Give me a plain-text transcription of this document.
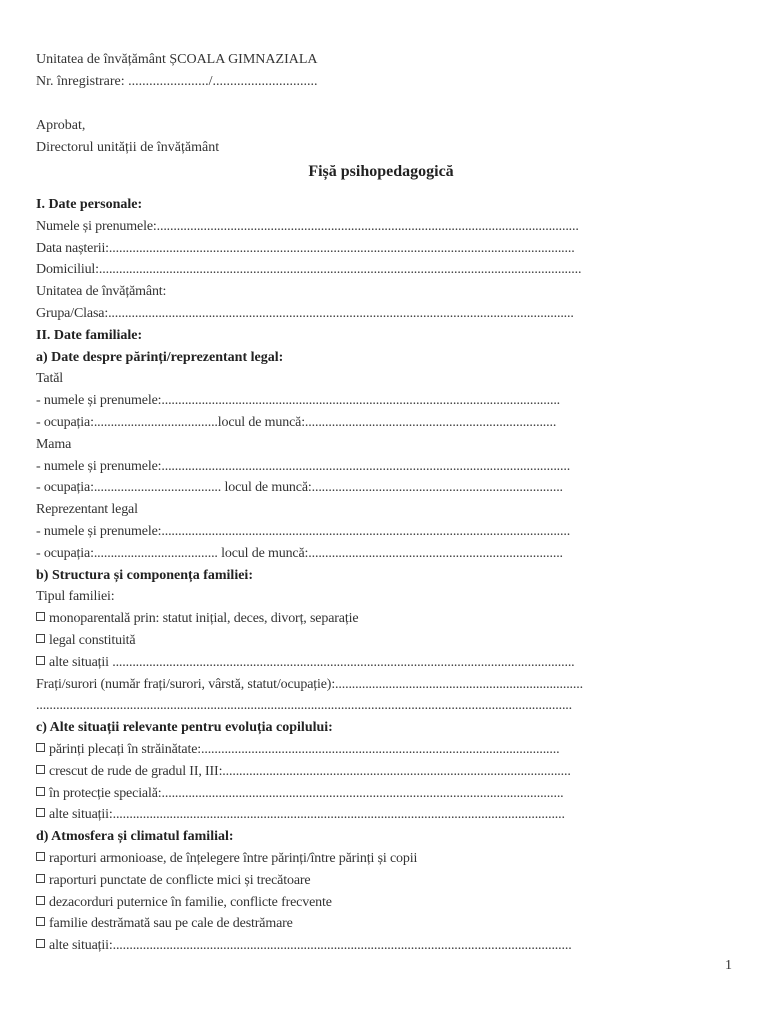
Unitatea de învățământ ȘCOALA GIMNAZIALA
Nr. înregistrare: ......................./..............................
Aprobat,
Directorul unității de învățământ
Fișă psihopedagogică
I. Date personale:
Numele și prenumele:..............................................................................................................................
Data nașterii:...........................................................................................................................................
Domiciliul:................................................................................................................................................
Unitatea de învățământ:
Grupa/Clasa:...........................................................................................................................................
II. Date familiale:
a) Date despre părinți/reprezentant legal:
Tatăl
- numele și prenumele:.......................................................................................................................
- ocupația:.....................................locul de muncă:...........................................................................
Mama
- numele și prenumele:..........................................................................................................................
- ocupația:...................................... locul de muncă:...........................................................................
Reprezentant legal
- numele și prenumele:..........................................................................................................................
- ocupația:..................................... locul de muncă:............................................................................
b) Structura și componența familiei:
Tipul familiei:
monoparentală prin: statut inițial, deces, divorț, separație
legal constituită
alte situații ..........................................................................................................................................
Frați/surori (număr frați/surori, vârstă, statut/ocupație):..........................................................................
................................................................................................................................................................
c) Alte situații relevante pentru evoluția copilului:
părinți plecați în străinătate:...........................................................................................................
crescut de rude de gradul II, III:........................................................................................................
în protecție specială:........................................................................................................................
alte situații:.......................................................................................................................................
d) Atmosfera și climatul familial:
raporturi armonioase, de înțelegere între părinți/între părinți și copii
raporturi punctate de conflicte mici și trecătoare
dezacorduri puternice în familie, conflicte frecvente
familie destrămată sau pe cale de destrămare
alte situații:.........................................................................................................................................
1
